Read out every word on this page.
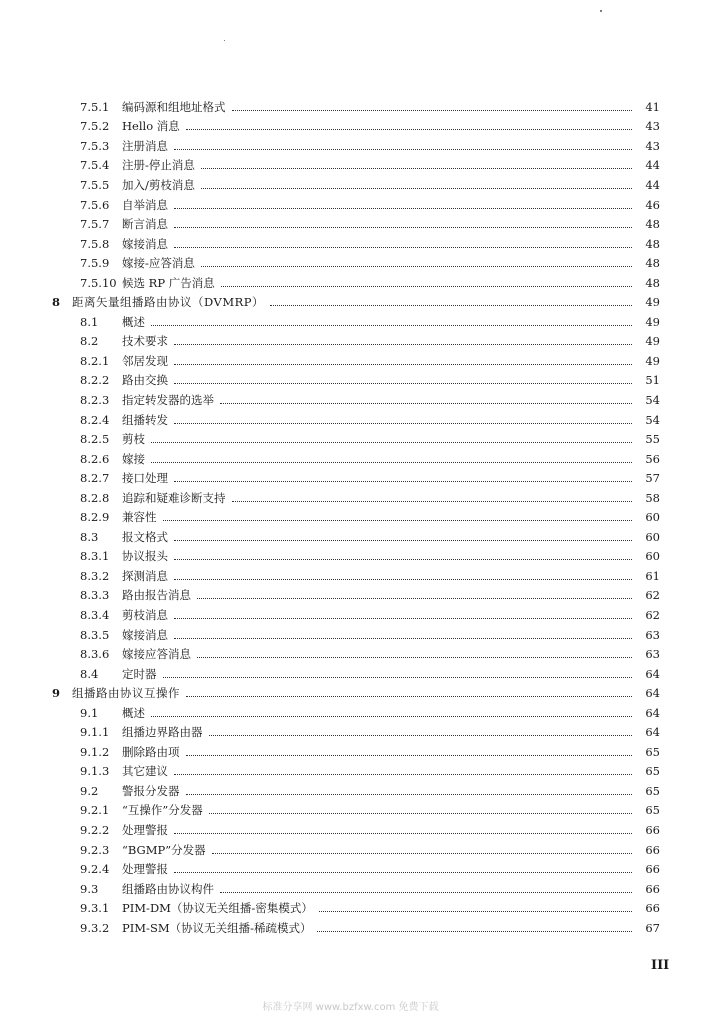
7.5.1	编码源和组地址格式	41
7.5.2	Hello 消息	43
7.5.3	注册消息	43
7.5.4	注册-停止消息	44
7.5.5	加入/剪枝消息	44
7.5.6	自举消息	46
7.5.7	断言消息	48
7.5.8	嫁接消息	48
7.5.9	嫁接-应答消息	48
7.5.10 候选 RP 广告消息	48
8	距离矢量组播路由协议（DVMRP）	49
8.1	概述	49
8.2	技术要求	49
8.2.1	邻居发现	49
8.2.2	路由交换	51
8.2.3	指定转发器的选举	54
8.2.4	组播转发	54
8.2.5	剪枝	55
8.2.6	嫁接	56
8.2.7	接口处理	57
8.2.8	追踪和疑难诊断支持	58
8.2.9	兼容性	60
8.3	报文格式	60
8.3.1	协议报头	60
8.3.2	探测消息	61
8.3.3	路由报告消息	62
8.3.4	剪枝消息	62
8.3.5	嫁接消息	63
8.3.6	嫁接应答消息	63
8.4	定时器	64
9	组播路由协议互操作	64
9.1	概述	64
9.1.1	组播边界路由器	64
9.1.2	删除路由项	65
9.1.3	其它建议	65
9.2	警报分发器	65
9.2.1	“互操作”分发器	65
9.2.2	处理警报	66
9.2.3	“BGMP”分发器	66
9.2.4	处理警报	66
9.3	组播路由协议构件	66
9.3.1	PIM-DM（协议无关组播-密集模式）	66
9.3.2	PIM-SM（协议无关组播-稀疏模式）	67
III
标准分享网 www.bzfxw.com 免费下载
